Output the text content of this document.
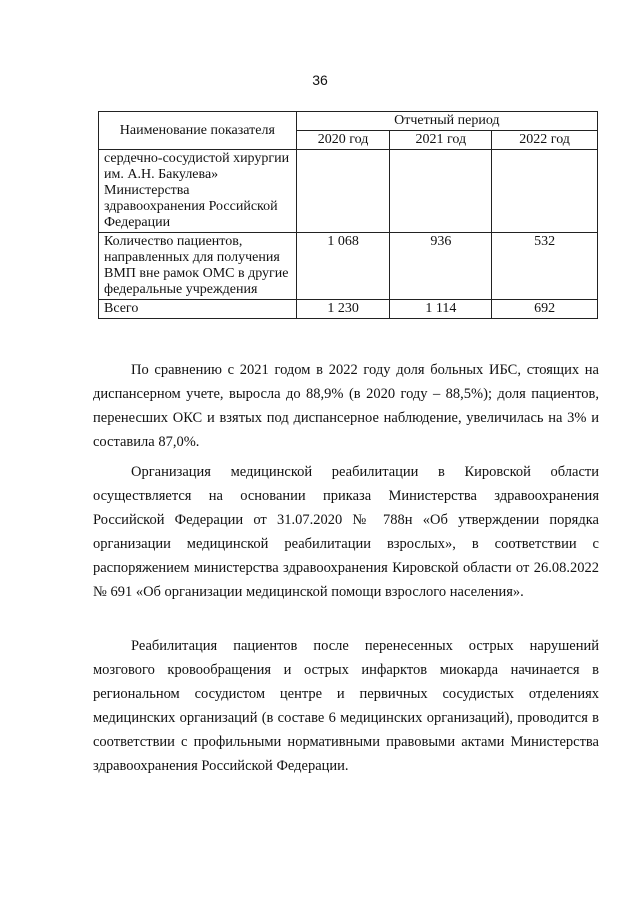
36
Наименование показателя	Отчетный период		
	2020 год	2021 год	2022 год
сердечно-сосудистой хирургии им. А.Н. Бакулева» Министерства здравоохранения Российской Федерации			
Количество пациентов, направленных для получения ВМП вне рамок ОМС в другие федеральные учреждения	1 068	936	532
Всего	1 230	1 114	692

По сравнению с 2021 годом в 2022 году доля больных ИБС, стоящих на диспансерном учете, выросла до 88,9% (в 2020 году – 88,5%); доля пациентов, перенесших ОКС и взятых под диспансерное наблюдение, увеличилась на 3% и составила 87,0%.

Организация медицинской реабилитации в Кировской области осуществляется на основании приказа Министерства здравоохранения Российской Федерации от 31.07.2020 № 788н «Об утверждении порядка организации медицинской реабилитации взрослых», в соответствии с распоряжением министерства здравоохранения Кировской области от 26.08.2022 № 691 «Об организации медицинской помощи взрослого населения».

Реабилитация пациентов после перенесенных острых нарушений мозгового кровообращения и острых инфарктов миокарда начинается в региональном сосудистом центре и первичных сосудистых отделениях медицинских организаций (в составе 6 медицинских организаций), проводится в соответствии с профильными нормативными правовыми актами Министерства здравоохранения Российской Федерации.
